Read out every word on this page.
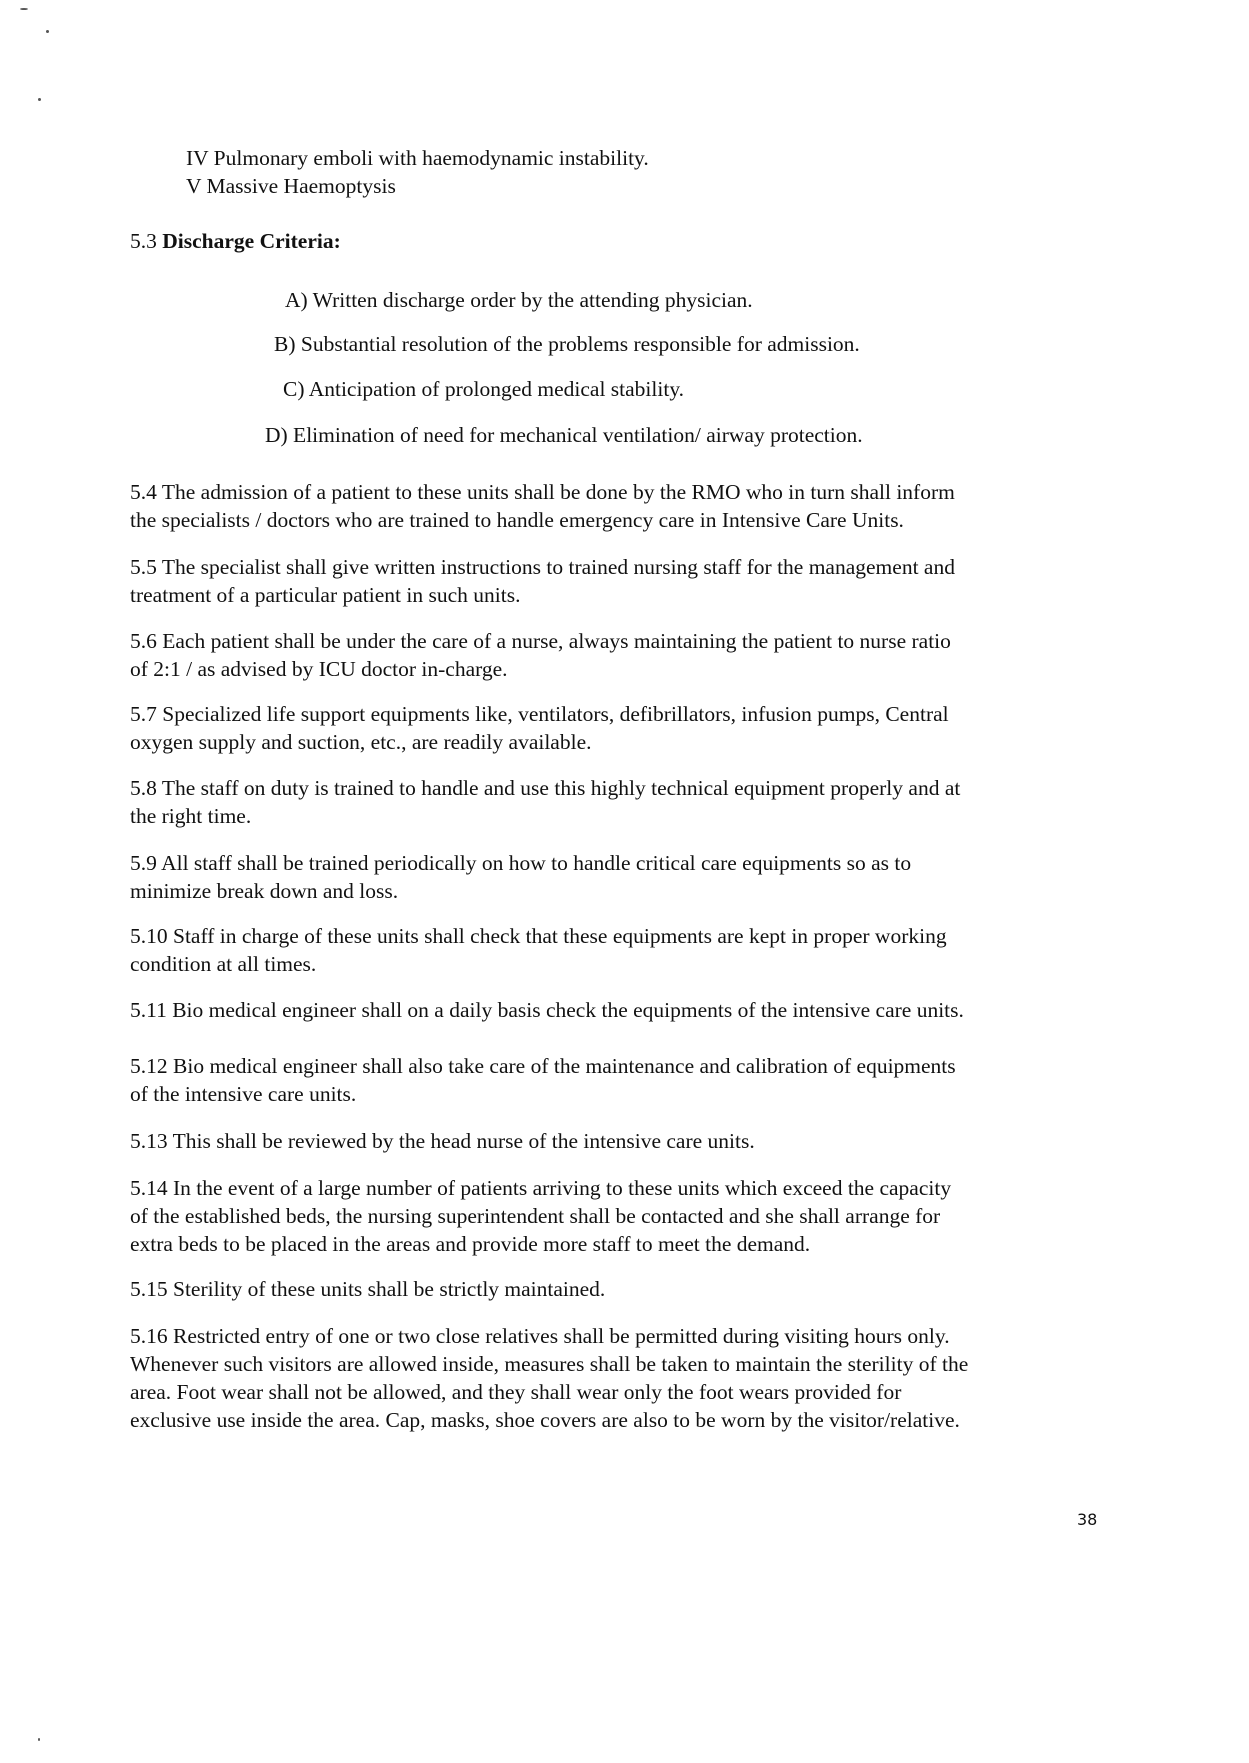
IV Pulmonary emboli with haemodynamic instability.
V Massive Haemoptysis
5.3 Discharge Criteria:
A) Written discharge order by the attending physician.
B) Substantial resolution of the problems responsible for admission.
C) Anticipation of prolonged medical stability.
D) Elimination of need for mechanical ventilation/ airway protection.
5.4 The admission of a patient to these units shall be done by the RMO who in turn shall inform
the specialists / doctors who are trained to handle emergency care in Intensive Care Units.
5.5 The specialist shall give written instructions to trained nursing staff for the management and
treatment of a particular patient in such units.
5.6 Each patient shall be under the care of a nurse, always maintaining the patient to nurse ratio
of 2:1 / as advised by ICU doctor in-charge.
5.7 Specialized life support equipments like, ventilators, defibrillators, infusion pumps, Central
oxygen supply and suction, etc., are readily available.
5.8 The staff on duty is trained to handle and use this highly technical equipment properly and at
the right time.
5.9 All staff shall be trained periodically on how to handle critical care equipments so as to
minimize break down and loss.
5.10 Staff in charge of these units shall check that these equipments are kept in proper working
condition at all times.
5.11 Bio medical engineer shall on a daily basis check the equipments of the intensive care units.
5.12 Bio medical engineer shall also take care of the maintenance and calibration of equipments
of the intensive care units.
5.13 This shall be reviewed by the head nurse of the intensive care units.
5.14 In the event of a large number of patients arriving to these units which exceed the capacity
of the established beds, the nursing superintendent shall be contacted and she shall arrange for
extra beds to be placed in the areas and provide more staff to meet the demand.
5.15 Sterility of these units shall be strictly maintained.
5.16 Restricted entry of one or two close relatives shall be permitted during visiting hours only.
Whenever such visitors are allowed inside, measures shall be taken to maintain the sterility of the
area. Foot wear shall not be allowed, and they shall wear only the foot wears provided for
exclusive use inside the area. Cap, masks, shoe covers are also to be worn by the visitor/relative.
38
